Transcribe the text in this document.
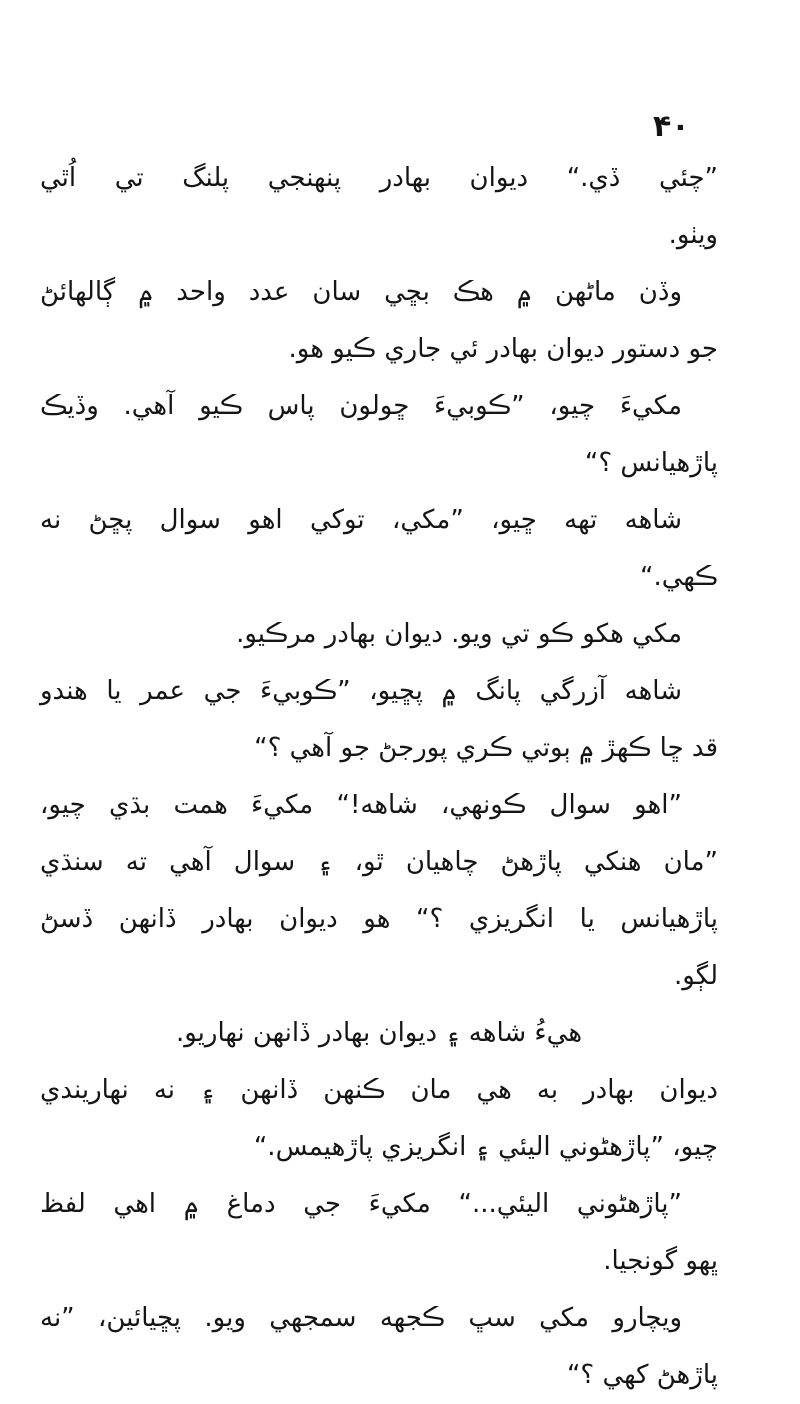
۴۰
”چئي ڏي.“ ديوان بهادر پنهنجي پلنگ تي اُٿي
ويٺو.
وڏن ماڻهن ۾ هڪ بڇي سان عدد واحد ۾ ڳالهائڻ
جو دستور ديوان بهادر ئي جاري ڪيو هو.
مکيءَ چيو، ”ڪوبيءَ ڇولون پاس ڪيو آهي. وڏيڪ
پاڙهيانس ؟“
شاهه تهه ڇيو، ”مکي، توکي اهو سوال پڇڻ نه
ڪهي.“
مکي هکو ڪو تي ويو. ديوان بهادر مرڪيو.
شاهه آزرگي پانگ ۾ پڇيو، ”ڪوبيءَ جي عمر يا هندو
قد ڇا ڪهڙ ۾ ٻوتي ڪري پورجڻ جو آهي ؟“
”اهو سوال ڪونهي، شاهه!“ مکيءَ همت بڌي چيو،
”مان هنکي پاڙهڻ چاهيان ٿو، ۽ سوال آهي ته سنڌي
پاڙهيانس يا انگريزي ؟“ هو ديوان بهادر ڏانهن ڏسڻ
لڳو.
هيءُ شاهه ۽ ديوان بهادر ڏانهن نهاريو.
ديوان بهادر به هي مان ڪنهن ڏانهن ۽ نه نهاريندي
چيو، ”پاڙهڻوني اليئي ۽ انگريزي پاڙهيمس.“
”پاڙهڻوني اليئي...“ مکيءَ جي دماغ ۾ اهي لفظ
ڀهو گونجيا.
ويچارو مکي سڀ ڪجهه سمجهي ويو. پڇيائين، ”نه
پاڙهڻ کهي ؟“
